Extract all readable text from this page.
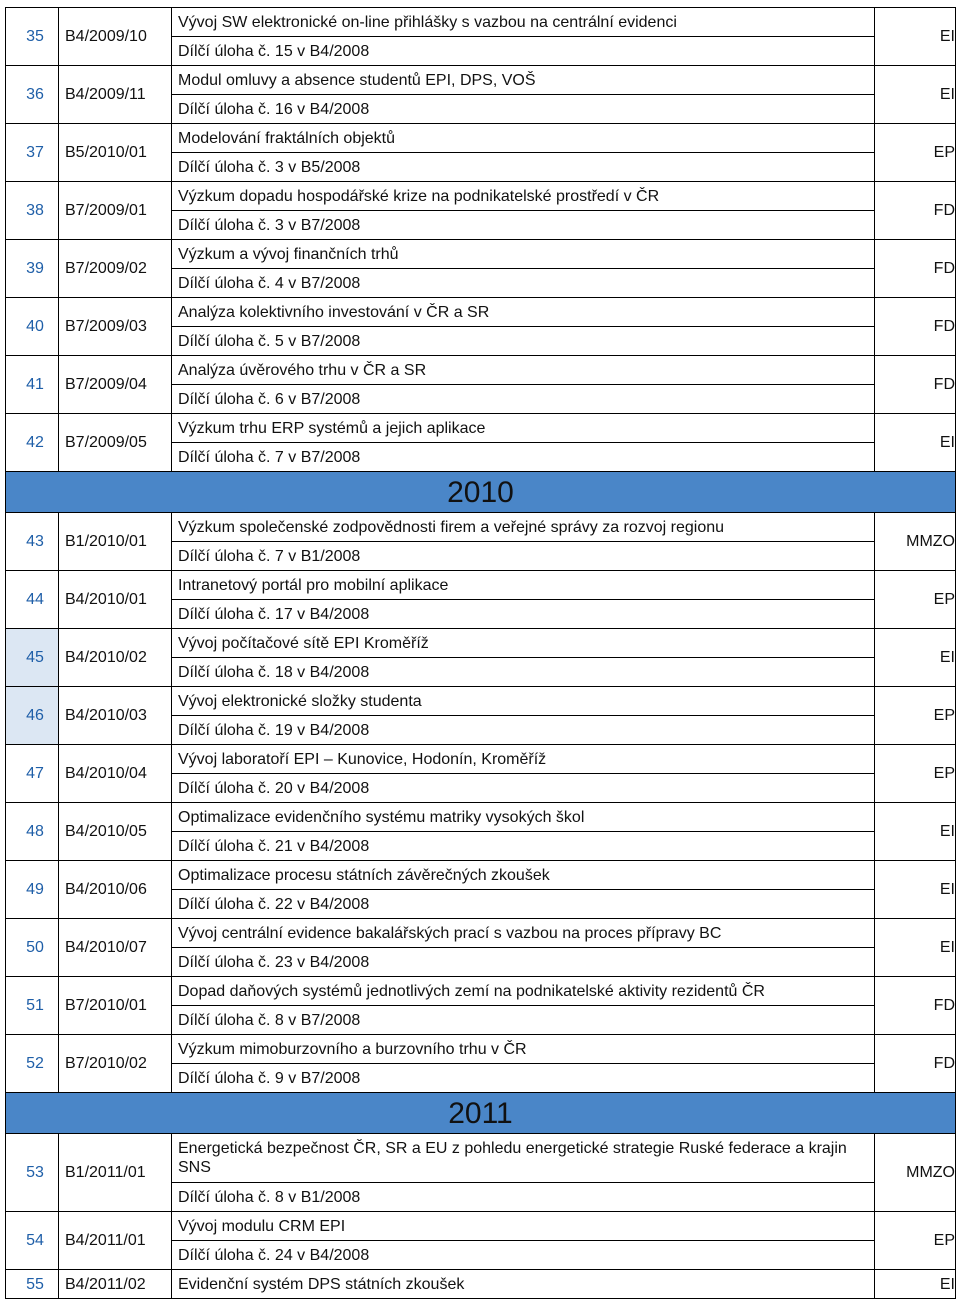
35	B4/2009/10	Vývoj SW elektronické on-line přihlášky s vazbou na centrální evidenci	EI
		Dílčí úloha č. 15 v B4/2008	
36	B4/2009/11	Modul omluvy a absence studentů EPI, DPS, VOŠ	EI
		Dílčí úloha č. 16 v B4/2008	
37	B5/2010/01	Modelování fraktálních objektů	EP
		Dílčí úloha č. 3 v B5/2008	
38	B7/2009/01	Výzkum dopadu hospodářské krize na podnikatelské prostředí v ČR	FD
		Dílčí úloha č. 3 v B7/2008	
39	B7/2009/02	Výzkum a vývoj finančních trhů	FD
		Dílčí úloha č. 4 v B7/2008	
40	B7/2009/03	Analýza kolektivního investování v ČR a SR	FD
		Dílčí úloha č. 5 v B7/2008	
41	B7/2009/04	Analýza úvěrového trhu v ČR a SR	FD
		Dílčí úloha č. 6 v B7/2008	
42	B7/2009/05	Výzkum trhu ERP systémů a jejich aplikace	EI
		Dílčí úloha č. 7 v B7/2008	
2010			
43	B1/2010/01	Výzkum společenské zodpovědnosti firem a veřejné správy za rozvoj regionu	MMZO
		Dílčí úloha č. 7 v B1/2008	
44	B4/2010/01	Intranetový portál pro mobilní aplikace	EP
		Dílčí úloha č. 17 v B4/2008	
45	B4/2010/02	Vývoj počítačové sítě EPI Kroměříž	EI
		Dílčí úloha č. 18 v B4/2008	
46	B4/2010/03	Vývoj elektronické složky studenta	EP
		Dílčí úloha č. 19 v B4/2008	
47	B4/2010/04	Vývoj laboratoří EPI – Kunovice, Hodonín, Kroměříž	EP
		Dílčí úloha č. 20 v B4/2008	
48	B4/2010/05	Optimalizace evidenčního systému matriky vysokých škol	EI
		Dílčí úloha č. 21 v B4/2008	
49	B4/2010/06	Optimalizace procesu státních závěrečných zkoušek	EI
		Dílčí úloha č. 22 v B4/2008	
50	B4/2010/07	Vývoj centrální evidence bakalářských prací s vazbou na proces přípravy BC	EI
		Dílčí úloha č. 23 v B4/2008	
51	B7/2010/01	Dopad daňových systémů jednotlivých zemí na podnikatelské aktivity rezidentů ČR	FD
		Dílčí úloha č. 8 v B7/2008	
52	B7/2010/02	Výzkum mimoburzovního a burzovního trhu v ČR	FD
		Dílčí úloha č. 9 v B7/2008	
2011			
53	B1/2011/01	Energetická bezpečnost ČR, SR a EU z pohledu energetické strategie Ruské federace a krajin SNS	MMZO
		Dílčí úloha č. 8 v B1/2008	
54	B4/2011/01	Vývoj modulu CRM EPI	EP
		Dílčí úloha č. 24 v B4/2008	
55	B4/2011/02	Evidenční systém DPS státních zkoušek	EI
